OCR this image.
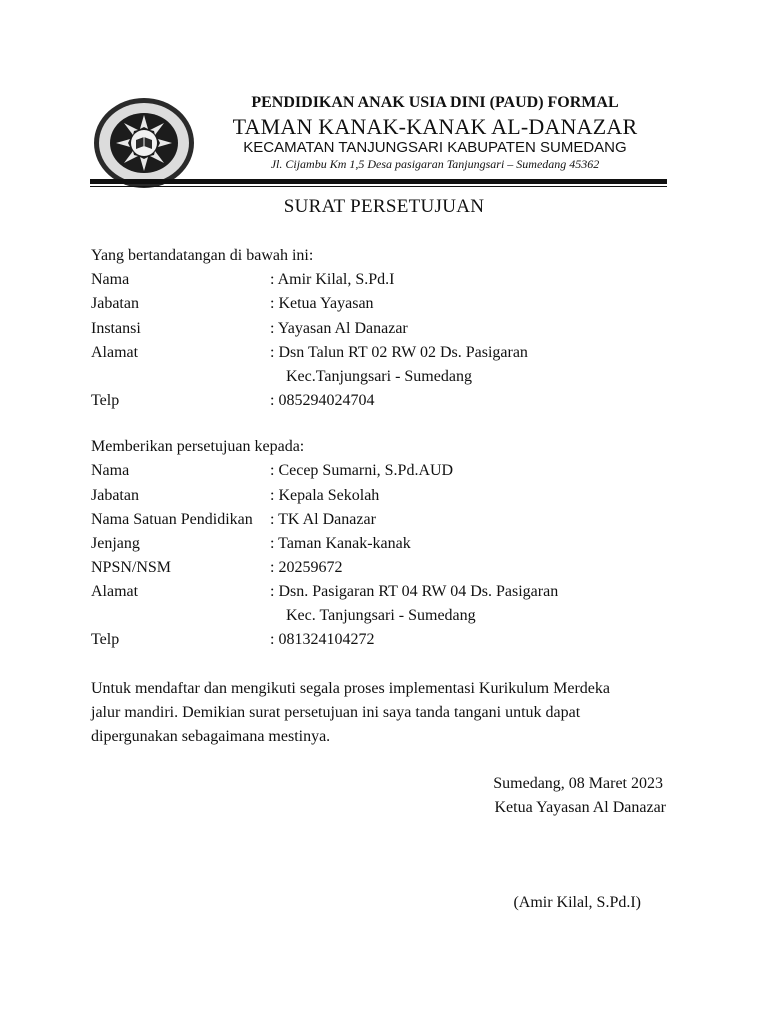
PENDIDIKAN ANAK USIA DINI (PAUD) FORMAL
TAMAN KANAK-KANAK AL-DANAZAR
KECAMATAN TANJUNGSARI KABUPATEN SUMEDANG
Jl. Cijambu Km 1,5 Desa pasigaran Tanjungsari – Sumedang 45362
SURAT PERSETUJUAN
Yang bertandatangan di bawah ini:
Nama	: Amir Kilal, S.Pd.I
Jabatan	: Ketua Yayasan
Instansi	: Yayasan Al Danazar
Alamat	: Dsn Talun RT 02 RW 02 Ds. Pasigaran
Kec.Tanjungsari - Sumedang
Telp	: 085294024704
Memberikan persetujuan kepada:
Nama	: Cecep Sumarni, S.Pd.AUD
Jabatan	: Kepala Sekolah
Nama Satuan Pendidikan : TK Al Danazar
Jenjang	: Taman Kanak-kanak
NPSN/NSM	: 20259672
Alamat	: Dsn. Pasigaran RT 04 RW 04 Ds. Pasigaran
Kec. Tanjungsari - Sumedang
Telp	: 081324104272
Untuk mendaftar dan mengikuti segala proses implementasi Kurikulum Merdeka
jalur mandiri. Demikian surat persetujuan ini saya tanda tangani untuk dapat
dipergunakan sebagaimana mestinya.
Sumedang, 08 Maret 2023
Ketua Yayasan Al Danazar
(Amir Kilal, S.Pd.I)
